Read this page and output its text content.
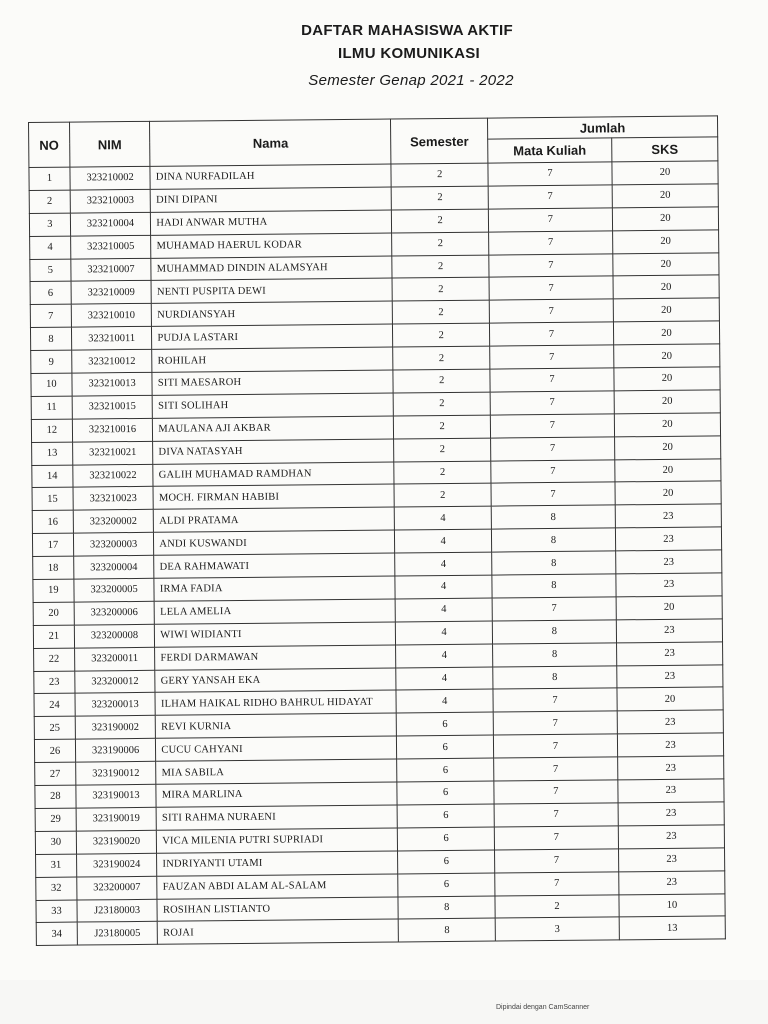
DAFTAR MAHASISWA AKTIF
ILMU KOMUNIKASI
Semester Genap 2021 - 2022
NO	NIM	Nama	Semester	Jumlah	
				Mata Kuliah	SKS
1	323210002	DINA NURFADILAH	2	7	20
2	323210003	DINI DIPANI	2	7	20
3	323210004	HADI ANWAR MUTHA	2	7	20
4	323210005	MUHAMAD HAERUL KODAR	2	7	20
5	323210007	MUHAMMAD DINDIN ALAMSYAH	2	7	20
6	323210009	NENTI PUSPITA DEWI	2	7	20
7	323210010	NURDIANSYAH	2	7	20
8	323210011	PUDJA LASTARI	2	7	20
9	323210012	ROHILAH	2	7	20
10	323210013	SITI MAESAROH	2	7	20
11	323210015	SITI SOLIHAH	2	7	20
12	323210016	MAULANA AJI AKBAR	2	7	20
13	323210021	DIVA NATASYAH	2	7	20
14	323210022	GALIH MUHAMAD RAMDHAN	2	7	20
15	323210023	MOCH. FIRMAN HABIBI	2	7	20
16	323200002	ALDI PRATAMA	4	8	23
17	323200003	ANDI KUSWANDI	4	8	23
18	323200004	DEA RAHMAWATI	4	8	23
19	323200005	IRMA FADIA	4	8	23
20	323200006	LELA AMELIA	4	7	20
21	323200008	WIWI WIDIANTI	4	8	23
22	323200011	FERDI DARMAWAN	4	8	23
23	323200012	GERY YANSAH EKA	4	8	23
24	323200013	ILHAM HAIKAL RIDHO BAHRUL HIDAYAT	4	7	20
25	323190002	REVI KURNIA	6	7	23
26	323190006	CUCU CAHYANI	6	7	23
27	323190012	MIA SABILA	6	7	23
28	323190013	MIRA MARLINA	6	7	23
29	323190019	SITI RAHMA NURAENI	6	7	23
30	323190020	VICA MILENIA PUTRI SUPRIADI	6	7	23
31	323190024	INDRIYANTI UTAMI	6	7	23
32	323200007	FAUZAN ABDI ALAM AL-SALAM	6	7	23
33	J23180003	ROSIHAN LISTIANTO	8	2	10
34	J23180005	ROJAI	8	3	13
Dipindai dengan CamScanner
